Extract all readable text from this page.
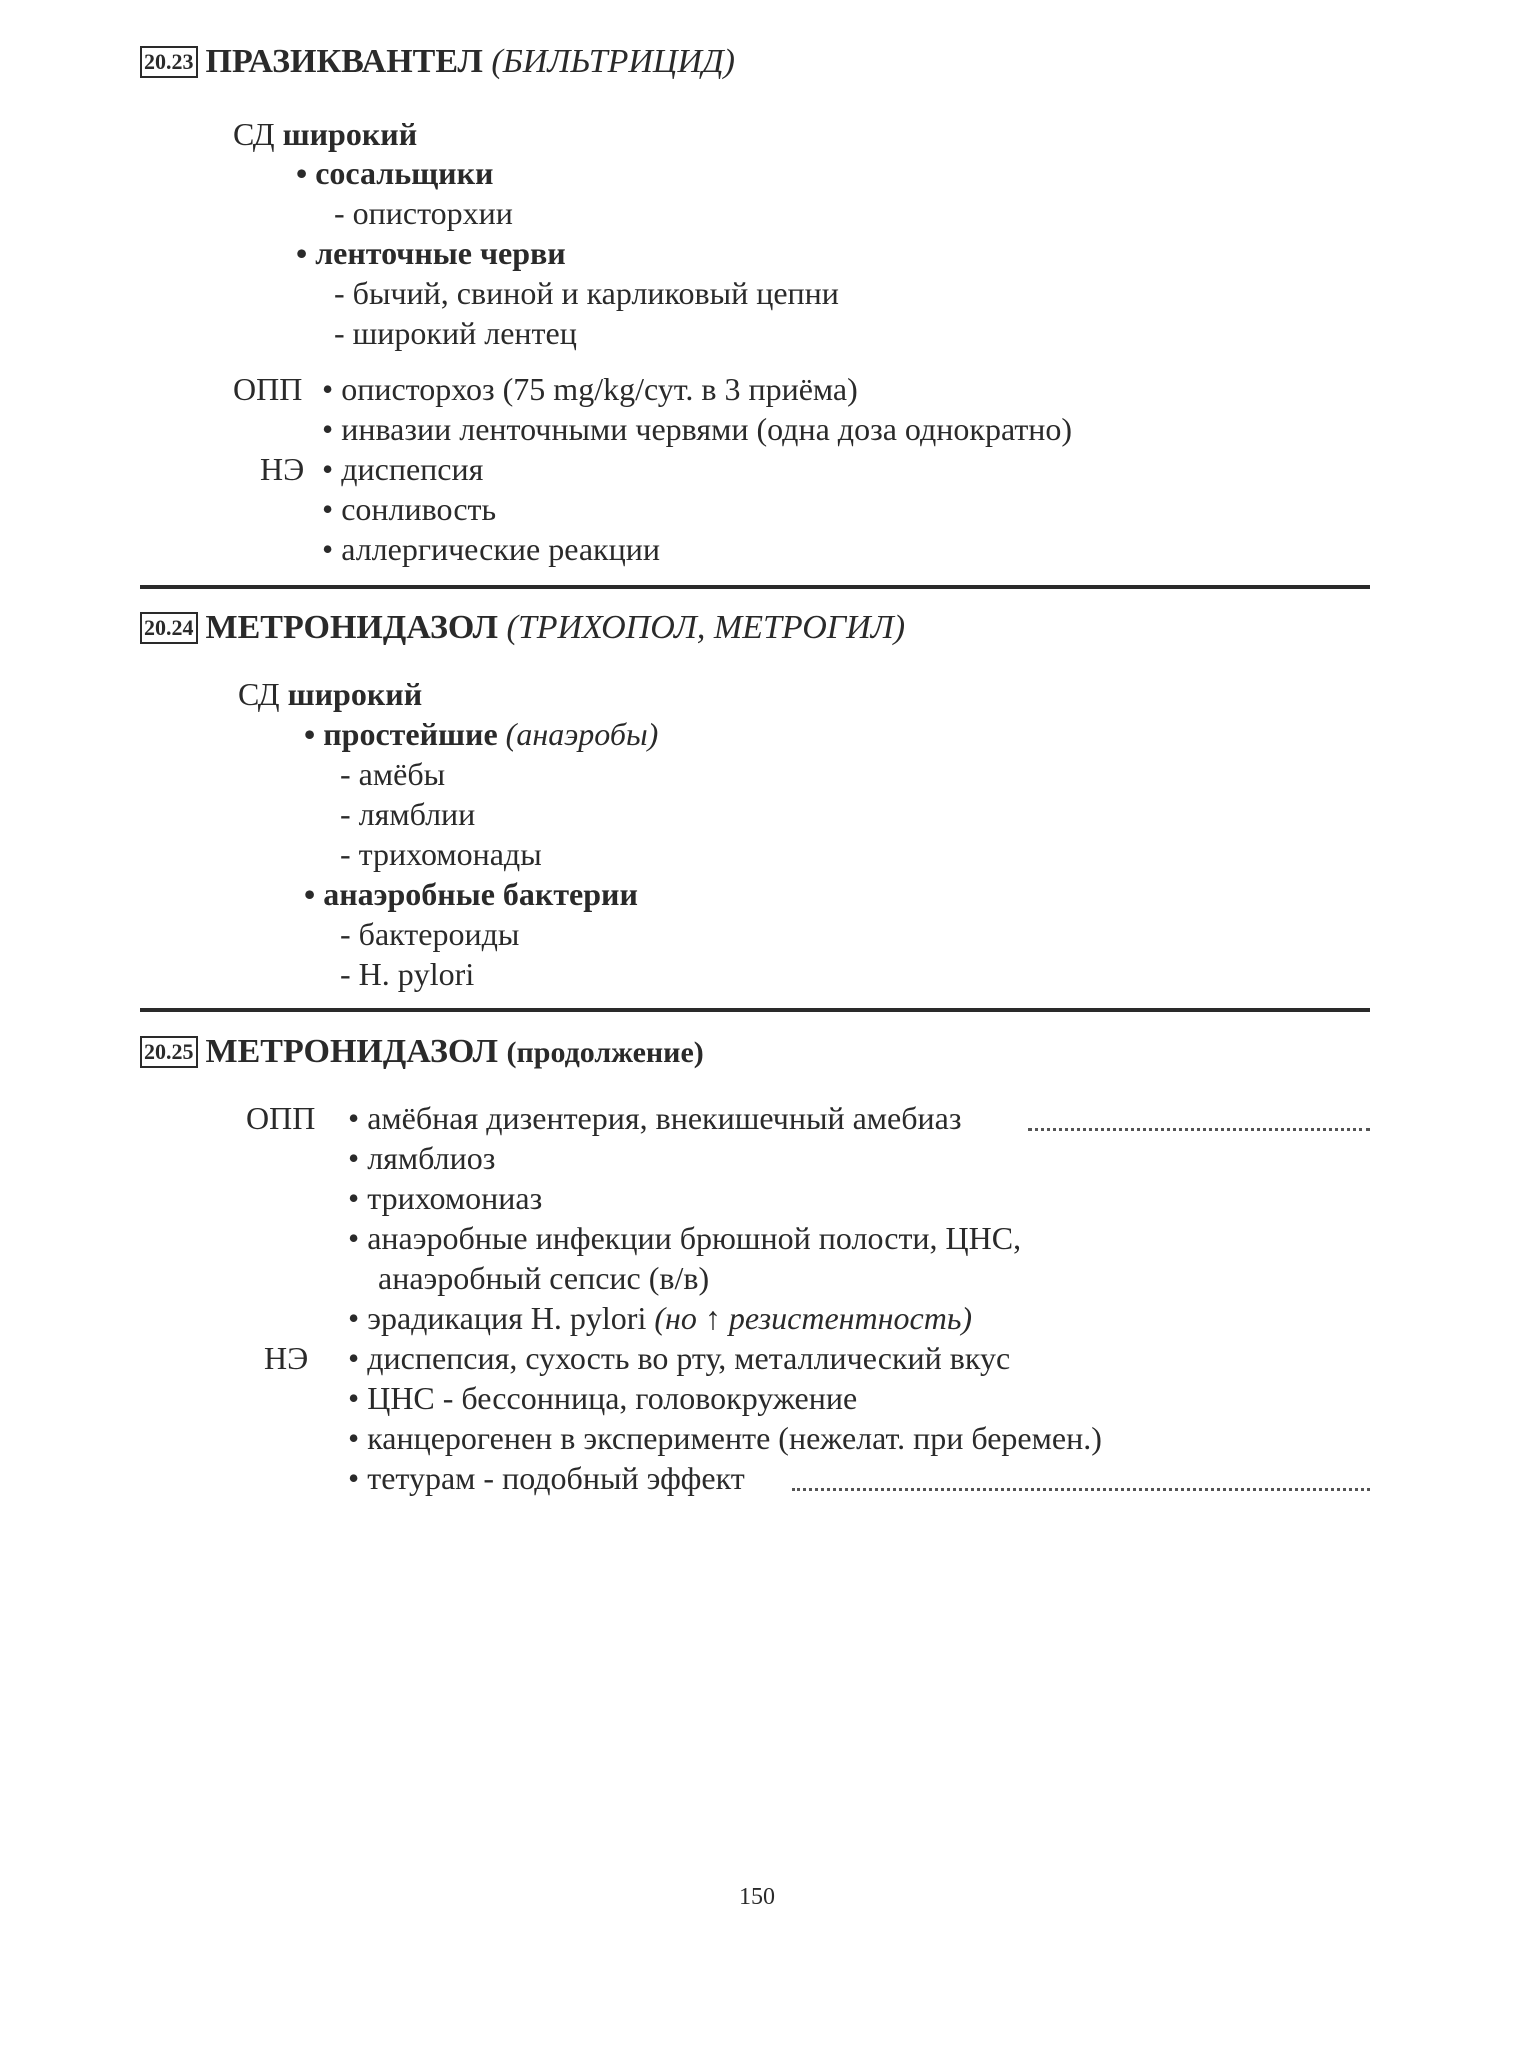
20.23 ПРАЗИКВАНТЕЛ (БИЛЬТРИЦИД)
СД широкий
• сосальщики
- описторхии
• ленточные черви
- бычий, свиной и карликовый цепни
- широкий лентец
ОПП • описторхоз (75 mg/kg/сут. в 3 приёма)
• инвазии ленточными червями (одна доза однократно)
НЭ • диспепсия
• сонливость
• аллергические реакции
20.24 МЕТРОНИДАЗОЛ (ТРИХОПОЛ, МЕТРОГИЛ)
СД широкий
• простейшие (анаэробы)
- амёбы
- лямблии
- трихомонады
• анаэробные бактерии
- бактероиды
- H. pylori
20.25 МЕТРОНИДАЗОЛ (продолжение)
ОПП • амёбная дизентерия, внекишечный амебиаз
• лямблиоз
• трихомониаз
• анаэробные инфекции брюшной полости, ЦНС,
анаэробный сепсис (в/в)
• эрадикация H. pylori (но ↑ резистентность)
НЭ • диспепсия, сухость во рту, металлический вкус
• ЦНС - бессонница, головокружение
• канцерогенен в эксперименте (нежелат. при беремен.)
• тетурам - подобный эффект
150
